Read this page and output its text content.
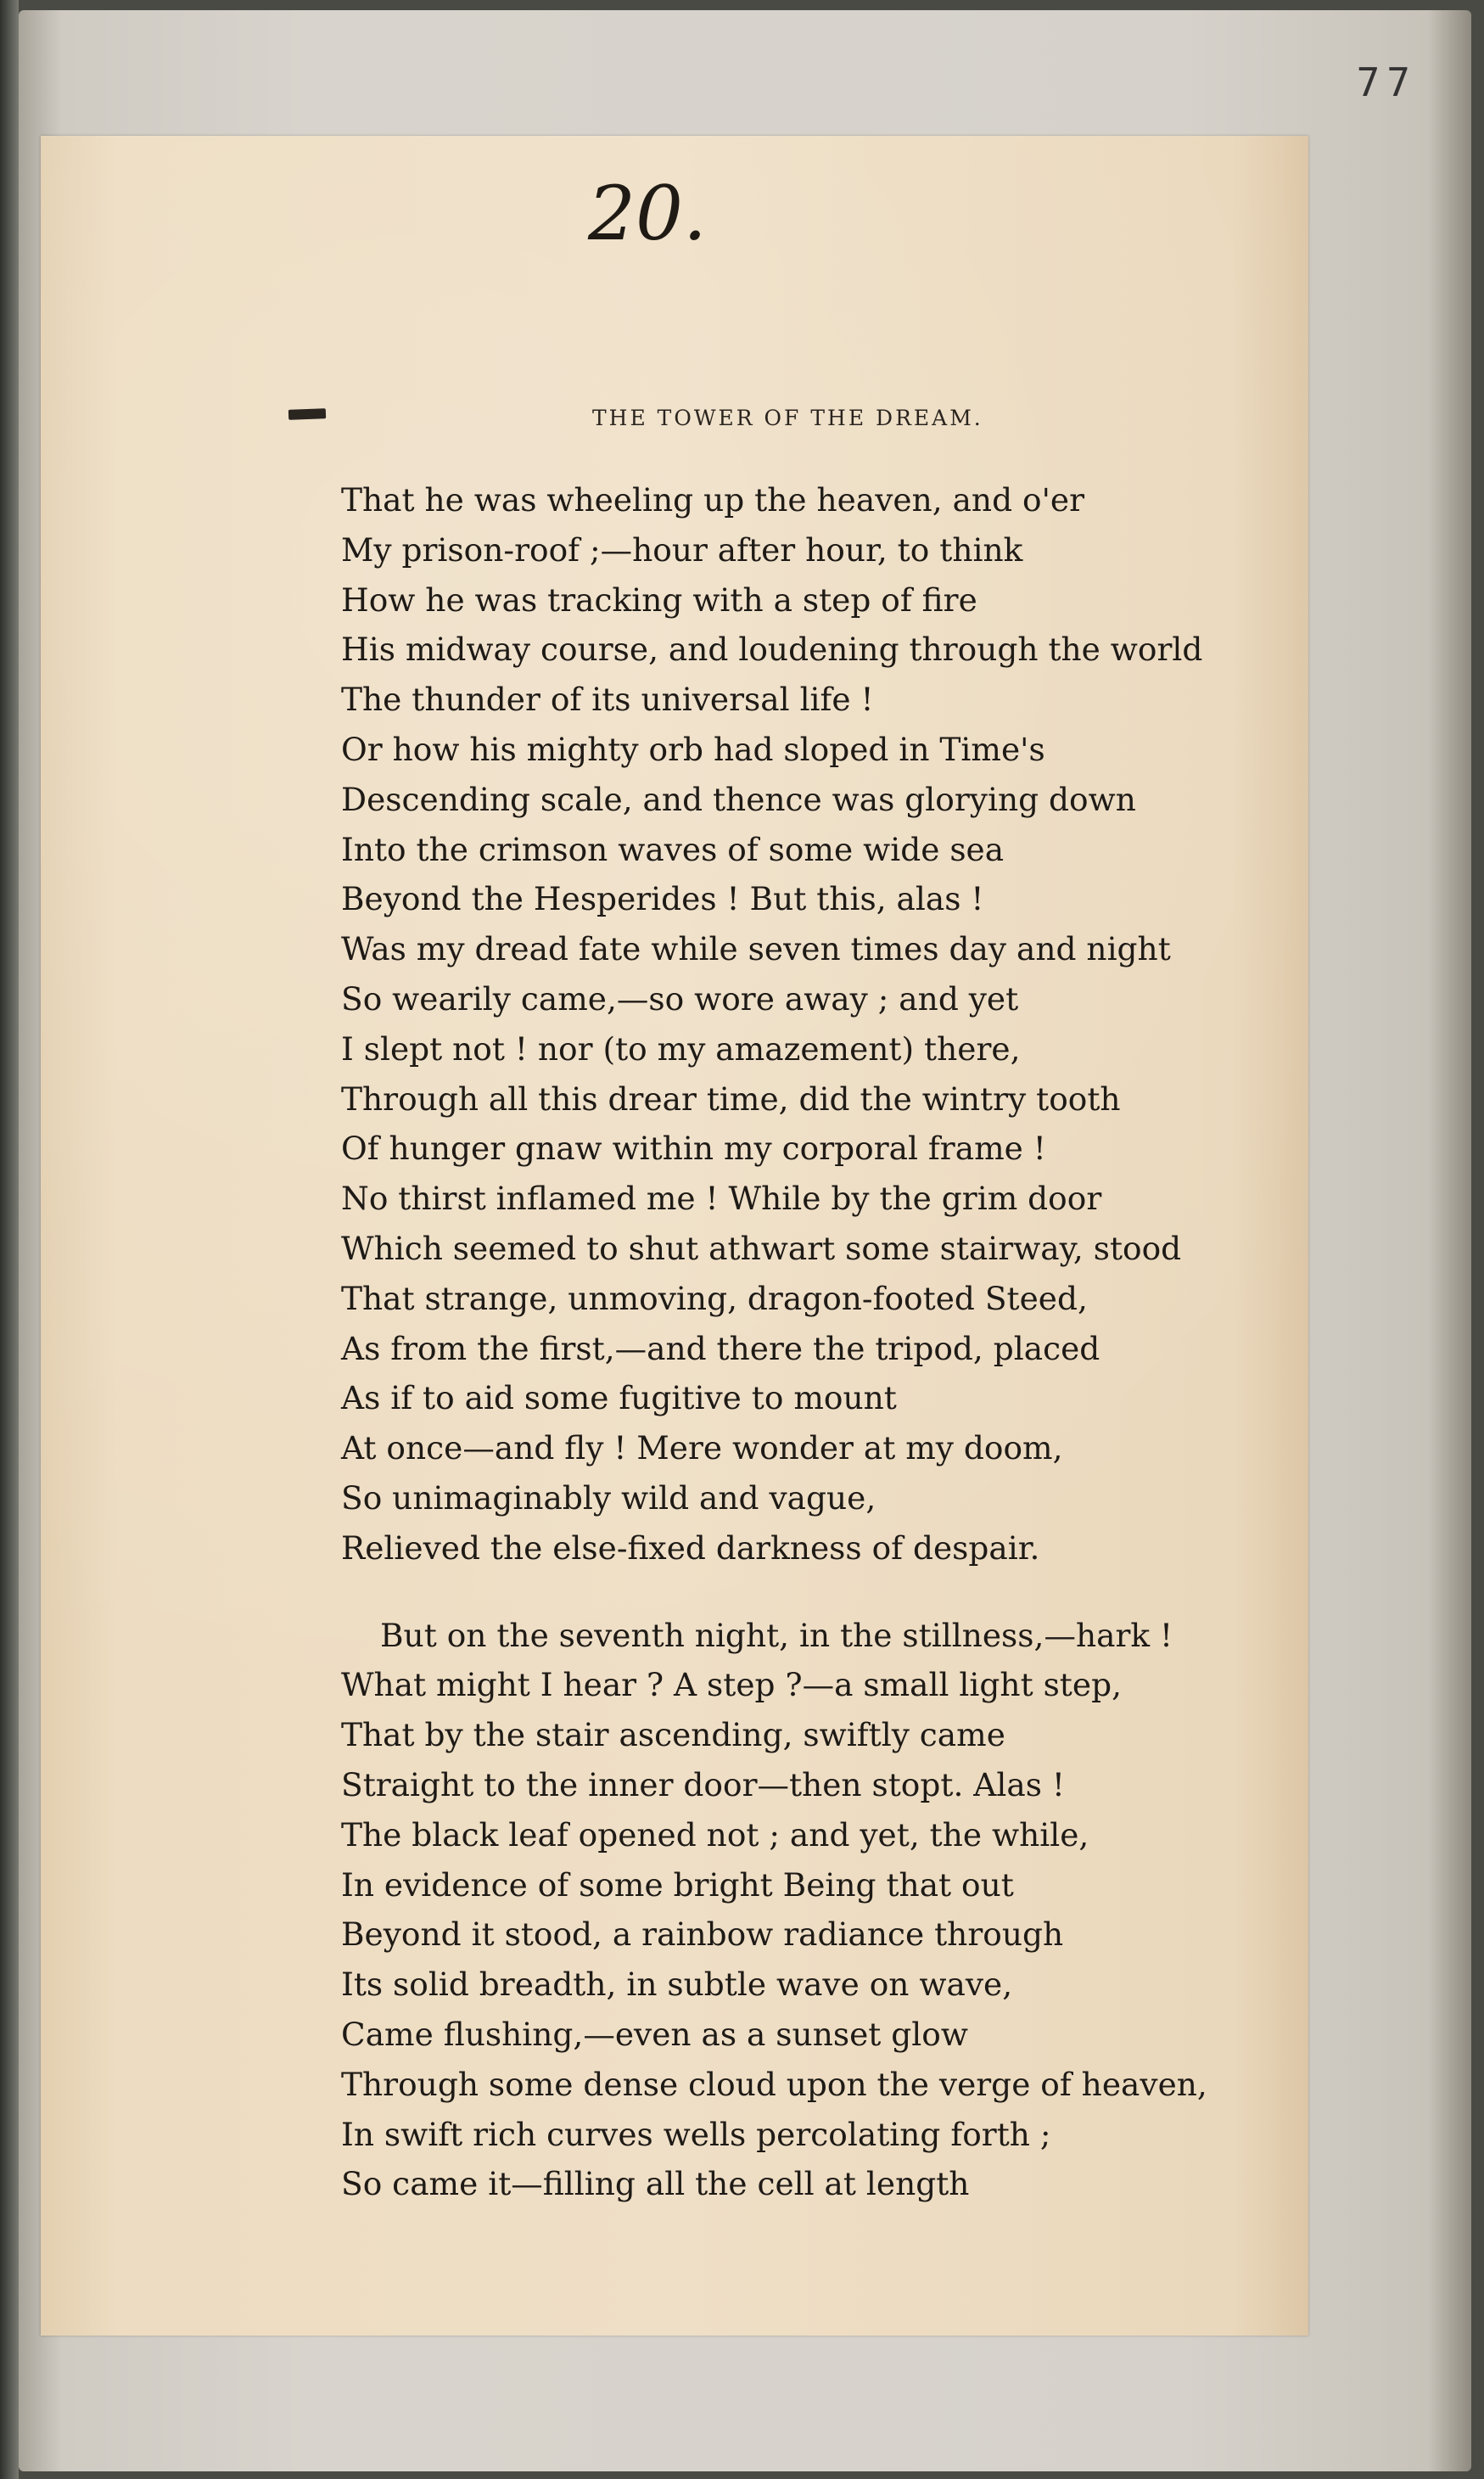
77
20.
THE TOWER OF THE DREAM.
That he was wheeling up the heaven, and o'er
My prison-roof ;—hour after hour, to think
How he was tracking with a step of fire
His midway course, and loudening through the world
The thunder of its universal life !
Or how his mighty orb had sloped in Time's
Descending scale, and thence was glorying down
Into the crimson waves of some wide sea
Beyond the Hesperides ! But this, alas !
Was my dread fate while seven times day and night
So wearily came,—so wore away ; and yet
I slept not ! nor (to my amazement) there,
Through all this drear time, did the wintry tooth
Of hunger gnaw within my corporal frame !
No thirst inflamed me ! While by the grim door
Which seemed to shut athwart some stairway, stood
That strange, unmoving, dragon-footed Steed,
As from the first,—and there the tripod, placed
As if to aid some fugitive to mount
At once—and fly ! Mere wonder at my doom,
So unimaginably wild and vague,
Relieved the else-fixed darkness of despair.
But on the seventh night, in the stillness,—hark !
What might I hear ? A step ?—a small light step,
That by the stair ascending, swiftly came
Straight to the inner door—then stopt. Alas !
The black leaf opened not ; and yet, the while,
In evidence of some bright Being that out
Beyond it stood, a rainbow radiance through
Its solid breadth, in subtle wave on wave,
Came flushing,—even as a sunset glow
Through some dense cloud upon the verge of heaven,
In swift rich curves wells percolating forth ;
So came it—filling all the cell at length
